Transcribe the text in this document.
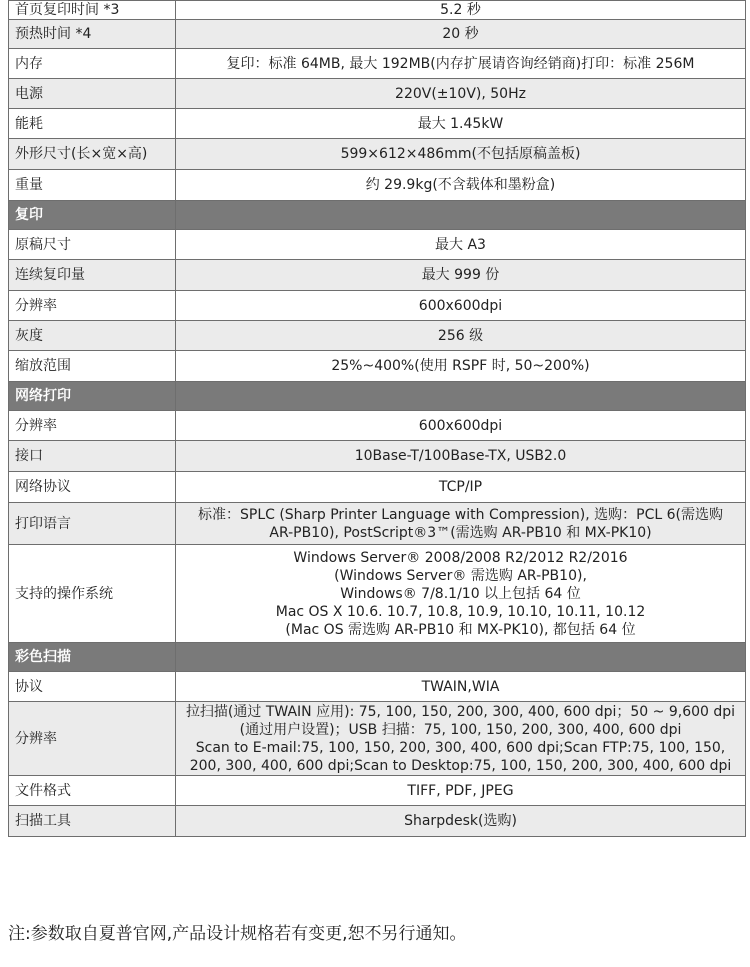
首页复印时间 *3	5.2 秒

预热时间 *4	20 秒

内存	复印：标准 64MB, 最大 192MB(内存扩展请咨询经销商)打印：标准 256M

电源	220V(±10V), 50Hz

能耗	最大 1.45kW

外形尺寸(长×宽×高)	599×612×486mm(不包括原稿盖板)

重量	约 29.9kg(不含载体和墨粉盒)

复印	
原稿尺寸	最大 A3

连续复印量	最大 999 份

分辨率	600x600dpi

灰度	256 级

缩放范围	25%~400%(使用 RSPF 时, 50~200%)

网络打印	
分辨率	600x600dpi

接口	10Base-T/100Base-TX, USB2.0

网络协议	TCP/IP

打印语言	标准：SPLC (Sharp Printer Language with Compression), 选购：PCL 6(需选购
AR-PB10), PostScript®3™(需选购 AR-PB10 和 MX-PK10)

支持的操作系统	Windows Server® 2008/2008 R2/2012 R2/2016
(Windows Server® 需选购 AR-PB10),
Windows® 7/8.1/10 以上包括 64 位
Mac OS X 10.6. 10.7, 10.8, 10.9, 10.10, 10.11, 10.12
(Mac OS 需选购 AR-PB10 和 MX-PK10), 都包括 64 位

彩色扫描	
协议	TWAIN,WIA

分辨率	拉扫描(通过 TWAIN 应用): 75, 100, 150, 200, 300, 400, 600 dpi；50 ~ 9,600 dpi
(通过用户设置)；USB 扫描：75, 100, 150, 200, 300, 400, 600 dpi
Scan to E-mail:75, 100, 150, 200, 300, 400, 600 dpi;Scan FTP:75, 100, 150,
200, 300, 400, 600 dpi;Scan to Desktop:75, 100, 150, 200, 300, 400, 600 dpi

文件格式	TIFF, PDF, JPEG

扫描工具	Sharpdesk(选购)
注:参数取自夏普官网,产品设计规格若有变更,恕不另行通知。
